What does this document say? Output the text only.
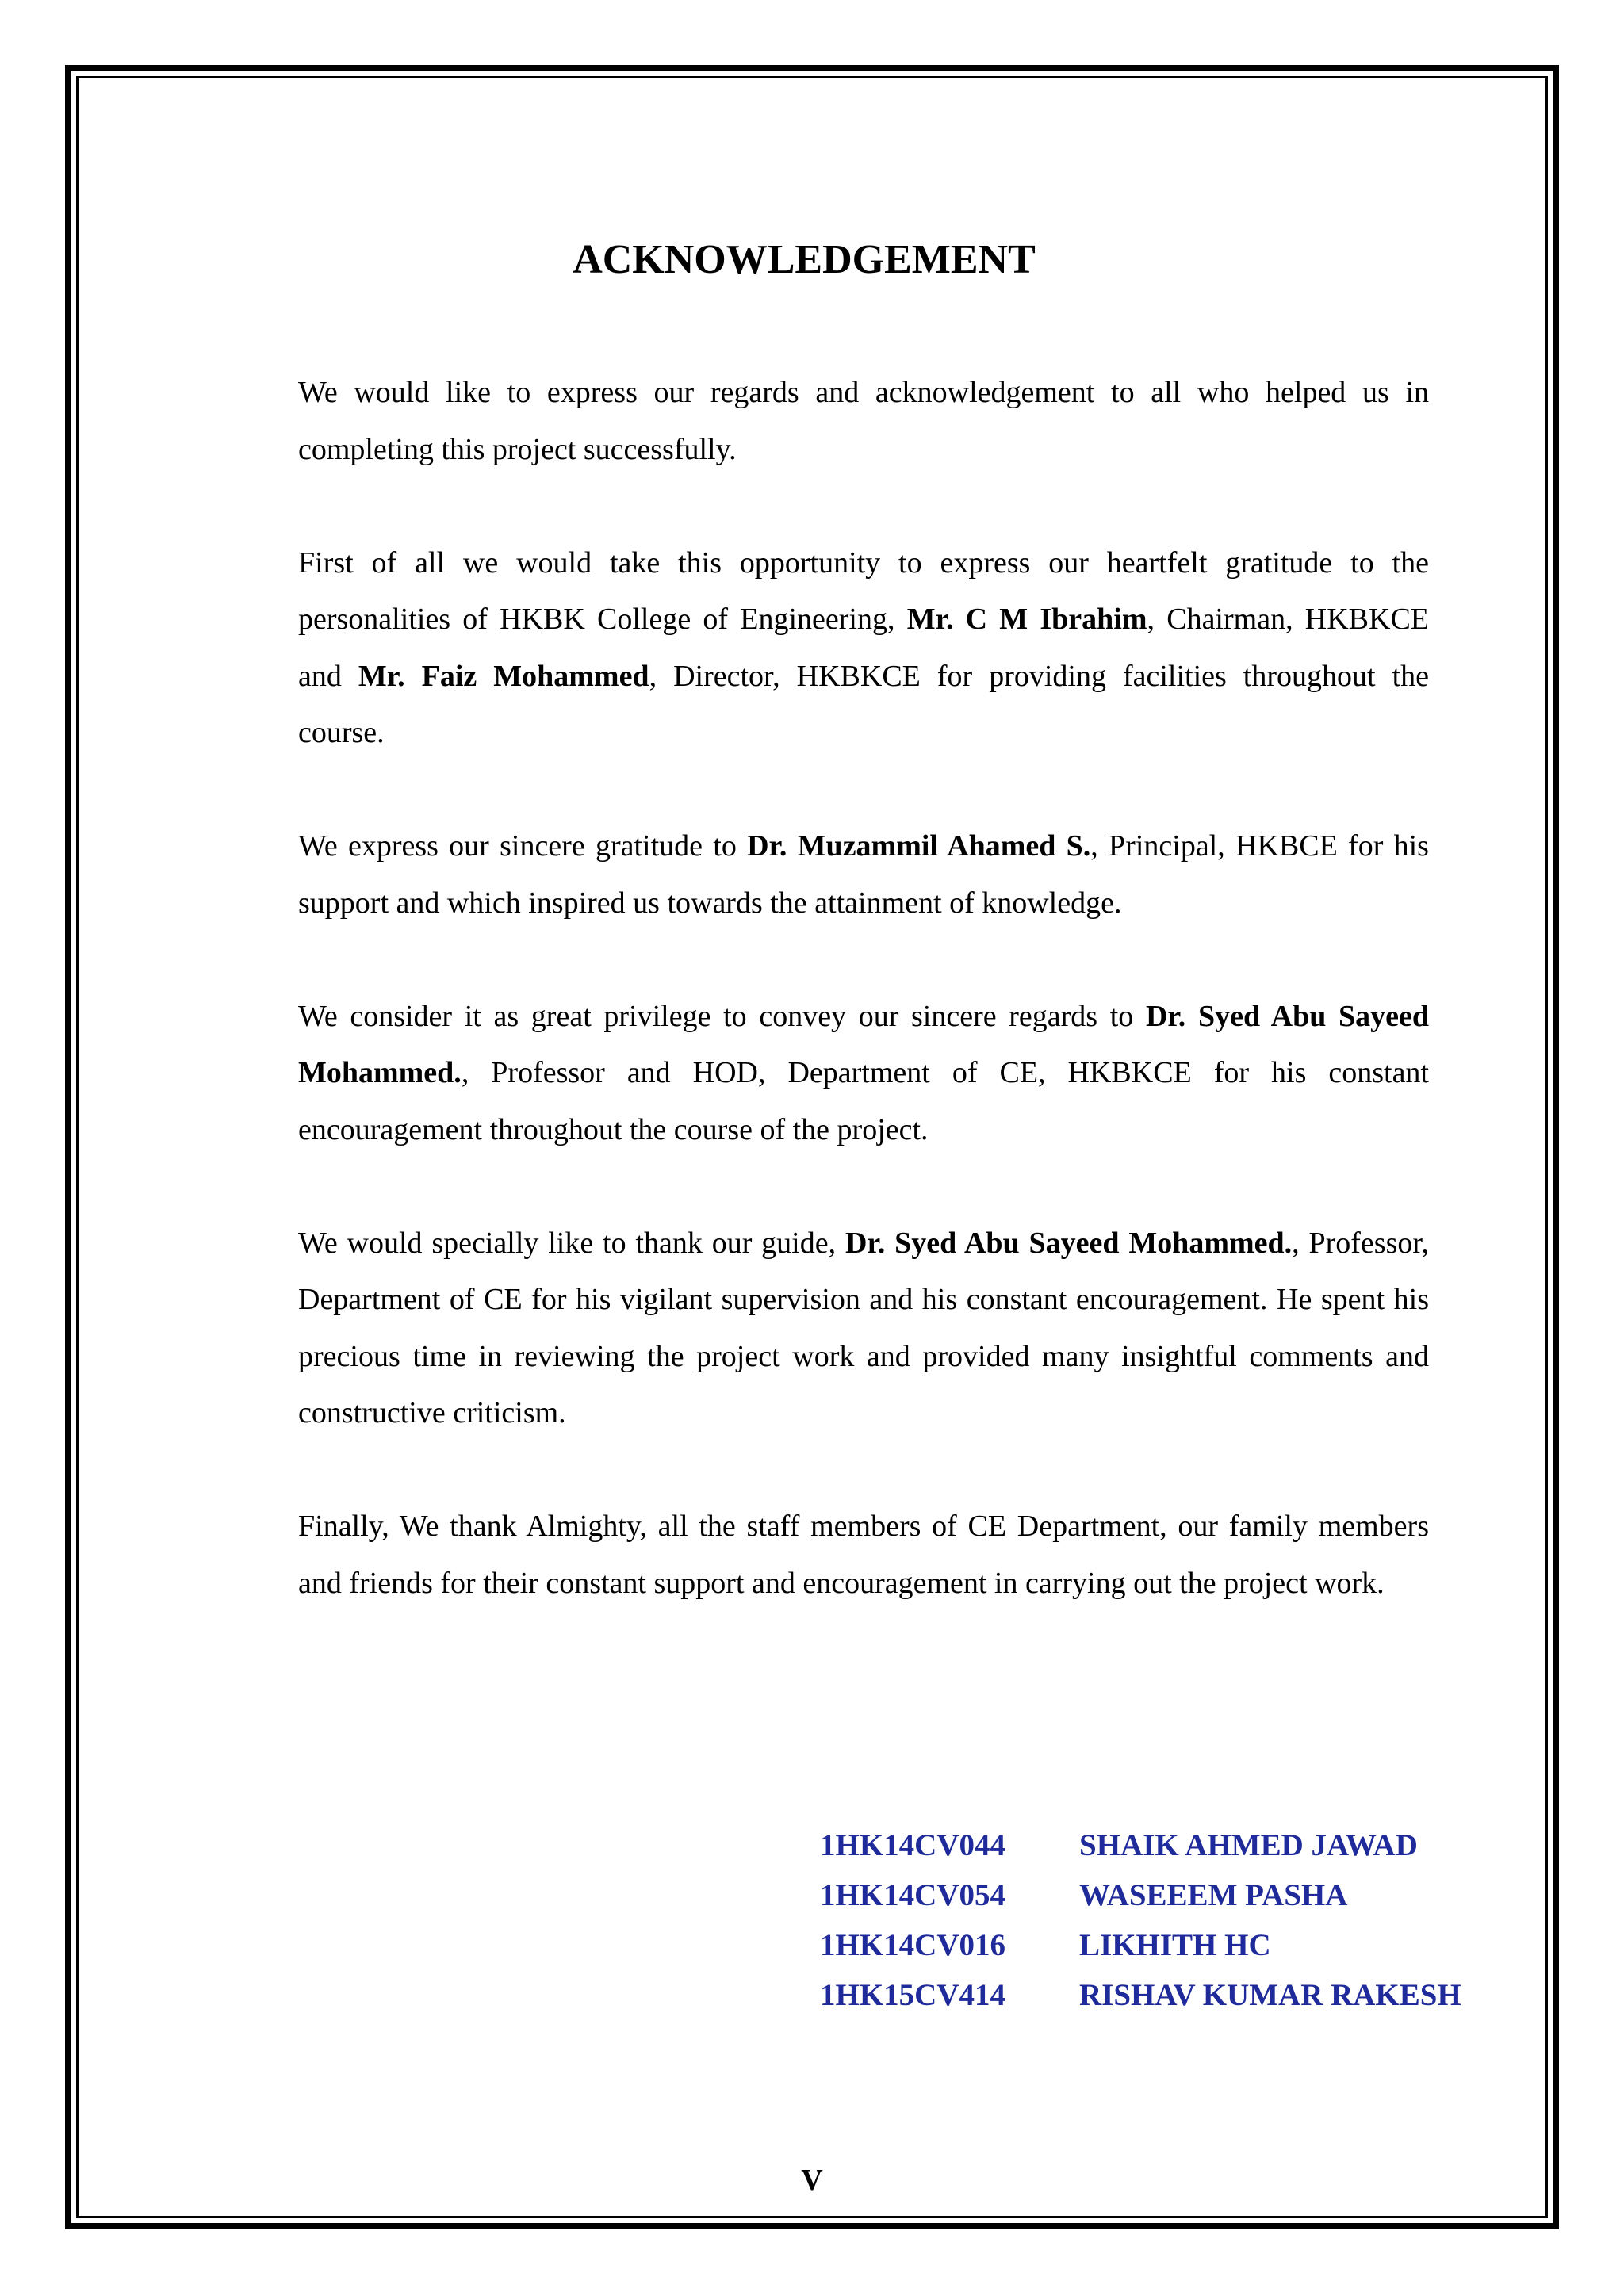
ACKNOWLEDGEMENT

We would like to express our regards and acknowledgement to all who helped us in completing this project successfully.

First of all we would take this opportunity to express our heartfelt gratitude to the personalities of HKBK College of Engineering, Mr. C M Ibrahim, Chairman, HKBKCE and Mr. Faiz Mohammed, Director, HKBKCE for providing facilities throughout the course.

We express our sincere gratitude to Dr. Muzammil Ahamed S., Principal, HKBCE for his support and which inspired us towards the attainment of knowledge.

We consider it as great privilege to convey our sincere regards to Dr. Syed Abu Sayeed Mohammed., Professor and HOD, Department of CE, HKBKCE for his constant encouragement throughout the course of the project.

We would specially like to thank our guide, Dr. Syed Abu Sayeed Mohammed., Professor, Department of CE for his vigilant supervision and his constant encouragement. He spent his precious time in reviewing the project work and provided many insightful comments and constructive criticism.

Finally, We thank Almighty, all the staff members of CE Department, our family members and friends for their constant support and encouragement in carrying out the project work.

1HK14CV044 SHAIK AHMED JAWAD
1HK14CV054 WASEEEM PASHA
1HK14CV016 LIKHITH HC
1HK15CV414 RISHAV KUMAR RAKESH
V
